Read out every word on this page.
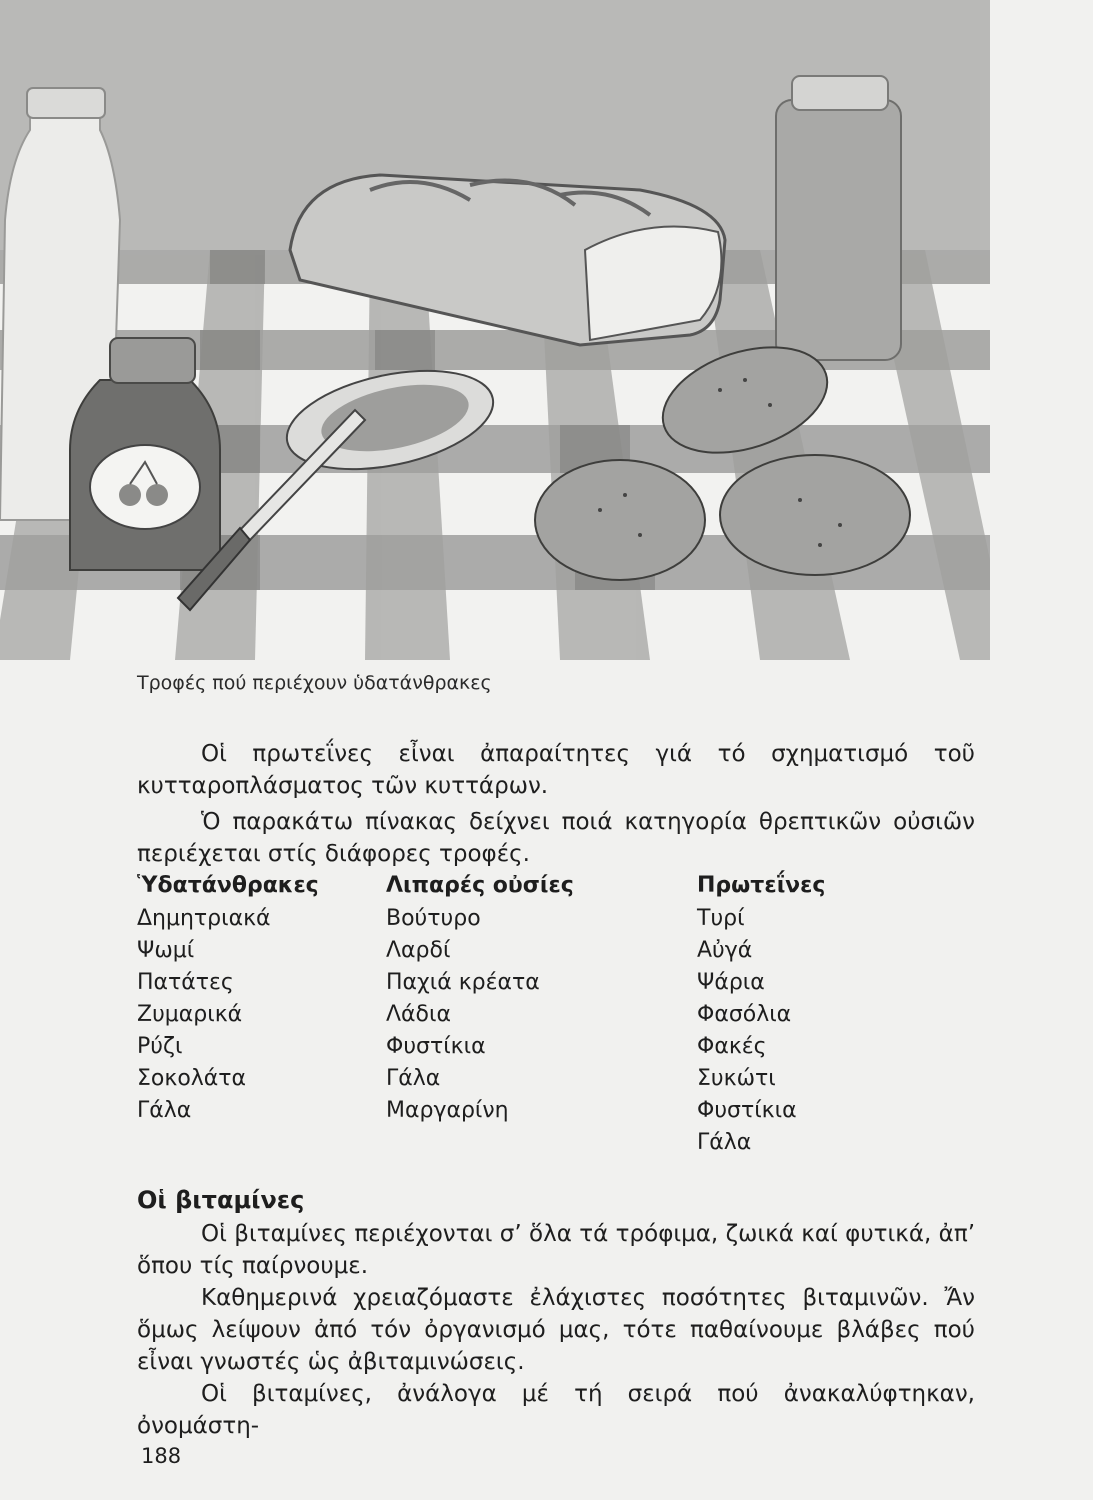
Τροφές πού περιέχουν ὑδατάνθρακες

Οἱ πρωτεΐνες εἶναι ἀπαραίτητες γιά τό σχηματισμό τοῦ κυτταροπλάσματος τῶν κυττάρων.

Ὁ παρακάτω πίνακας δείχνει ποιά κατηγορία θρεπτικῶν οὐσιῶν περιέχεται στίς διάφορες τροφές.

Ὑδατάνθρακες
Δημητριακά
Ψωμί
Πατάτες
Ζυμαρικά
Ρύζι
Σοκολάτα
Γάλα
Λιπαρές οὐσίες
Βούτυρο
Λαρδί
Παχιά κρέατα
Λάδια
Φυστίκια
Γάλα
Μαργαρίνη
Πρωτεΐνες
Τυρί
Αὐγά
Ψάρια
Φασόλια
Φακές
Συκώτι
Φυστίκια
Γάλα
Οἱ βιταμίνες

Οἱ βιταμίνες περιέχονται σ’ ὅλα τά τρόφιμα, ζωικά καί φυτικά, ἀπ’ ὅπου τίς παίρνουμε.

Καθημερινά χρειαζόμαστε ἐλάχιστες ποσότητες βιταμινῶν. Ἄν ὅμως λείψουν ἀπό τόν ὀργανισμό μας, τότε παθαίνουμε βλάβες πού εἶναι γνωστές ὡς ἀβιταμινώσεις.

Οἱ βιταμίνες, ἀνάλογα μέ τή σειρά πού ἀνακαλύφτηκαν, ὀνομάστη-

188
